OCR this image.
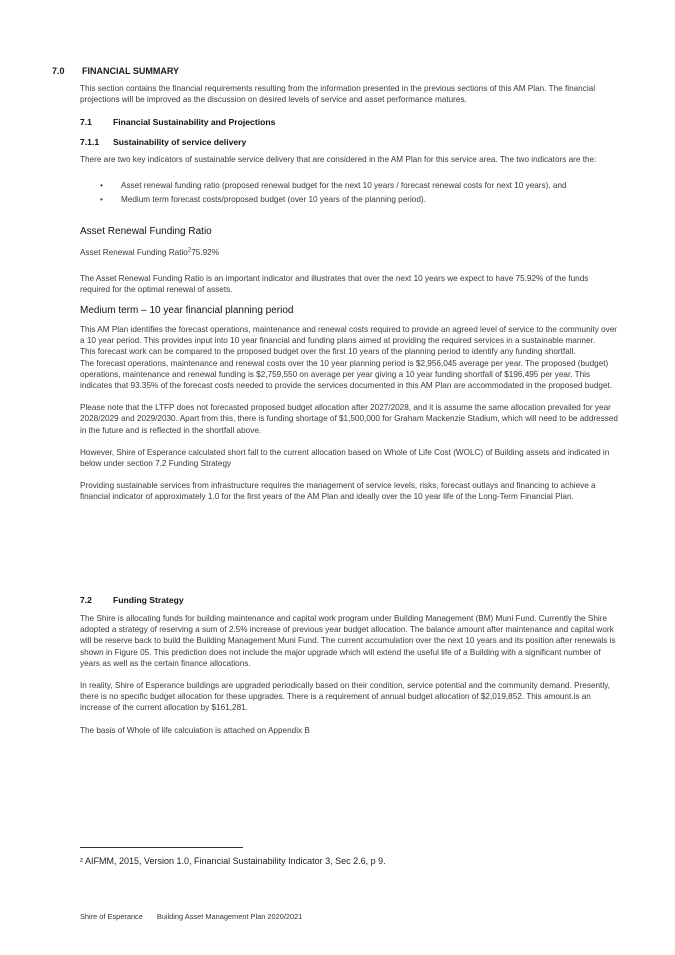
7.0 FINANCIAL SUMMARY
This section contains the financial requirements resulting from the information presented in the previous sections of this AM Plan. The financial projections will be improved as the discussion on desired levels of service and asset performance matures.
7.1 Financial Sustainability and Projections
7.1.1 Sustainability of service delivery
There are two key indicators of sustainable service delivery that are considered in the AM Plan for this service area. The two indicators are the:
• Asset renewal funding ratio (proposed renewal budget for the next 10 years / forecast renewal costs for next 10 years), and
• Medium term forecast costs/proposed budget (over 10 years of the planning period).
Asset Renewal Funding Ratio
Asset Renewal Funding Ratio$^2$75.92%
The Asset Renewal Funding Ratio is an important indicator and illustrates that over the next 10 years we expect to have 75.92% of the funds required for the optimal renewal of assets.
Medium term – 10 year financial planning period
This AM Plan identifies the forecast operations, maintenance and renewal costs required to provide an agreed level of service to the community over a 10 year period. This provides input into 10 year financial and funding plans aimed at providing the required services in a sustainable manner.
This forecast work can be compared to the proposed budget over the first 10 years of the planning period to identify any funding shortfall.
The forecast operations, maintenance and renewal costs over the 10 year planning period is $2,956,045 average per year. The proposed (budget) operations, maintenance and renewal funding is $2,759,550 on average per year giving a 10 year funding shortfall of $196,495 per year. This indicates that 93.35% of the forecast costs needed to provide the services documented in this AM Plan are accommodated in the proposed budget.
Please note that the LTFP does not forecasted proposed budget allocation after 2027/2028, and it is assume the same allocation prevailed for year 2028/2029 and 2029/2030. Apart from this, there is funding shortage of $1,500,000 for Graham Mackenzie Stadium, which will need to be addressed in the future and is reflected in the shortfall above.
However, Shire of Esperance calculated short fall to the current allocation based on Whole of Life Cost (WOLC) of Building assets and indicated in below under section 7.2 Funding Strategy
Providing sustainable services from infrastructure requires the management of service levels, risks, forecast outlays and financing to achieve a financial indicator of approximately 1.0 for the first years of the AM Plan and ideally over the 10 year life of the Long-Term Financial Plan.
7.2 Funding Strategy
The Shire is allocating funds for building maintenance and capital work program under Building Management (BM) Muni Fund. Currently the Shire adopted a strategy of reserving a sum of 2.5% increase of previous year budget allocation. The balance amount after maintenance and capital work will be reserve back to build the Building Management Muni Fund. The current accumulation over the next 10 years and its position after renewals is shown in Figure 05. This prediction does not include the major upgrade which will extend the useful life of a Building with a significant number of years as well as the certain finance allocations.
In reality, Shire of Esperance buildings are upgraded periodically based on their condition, service potential and the community demand. Presently, there is no specific budget allocation for these upgrades. There is a requirement of annual budget allocation of $2,019,852. This amount.is an increase of the current allocation by $161,281.
The basis of Whole of life calculation is attached on Appendix B
² AIFMM, 2015, Version 1.0, Financial Sustainability Indicator 3, Sec 2.6, p 9.
Shire of Esperance Building Asset Management Plan 2020/2021
